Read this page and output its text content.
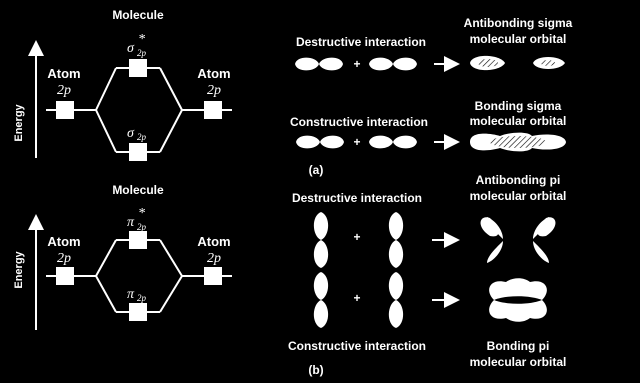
Molecule
Energy
Atom
2p
Atom
2p
σ 2p
*
σ 2p
Destructive interaction
Antibonding sigma
molecular orbital
+
Constructive interaction
Bonding sigma
molecular orbital
+
(a)
Molecule
Energy
Atom
2p
Atom
2p
π 2p
*
π 2p
Destructive interaction
Antibonding pi
molecular orbital
+
+
Constructive interaction	Bonding pi
molecular orbital
(b)
